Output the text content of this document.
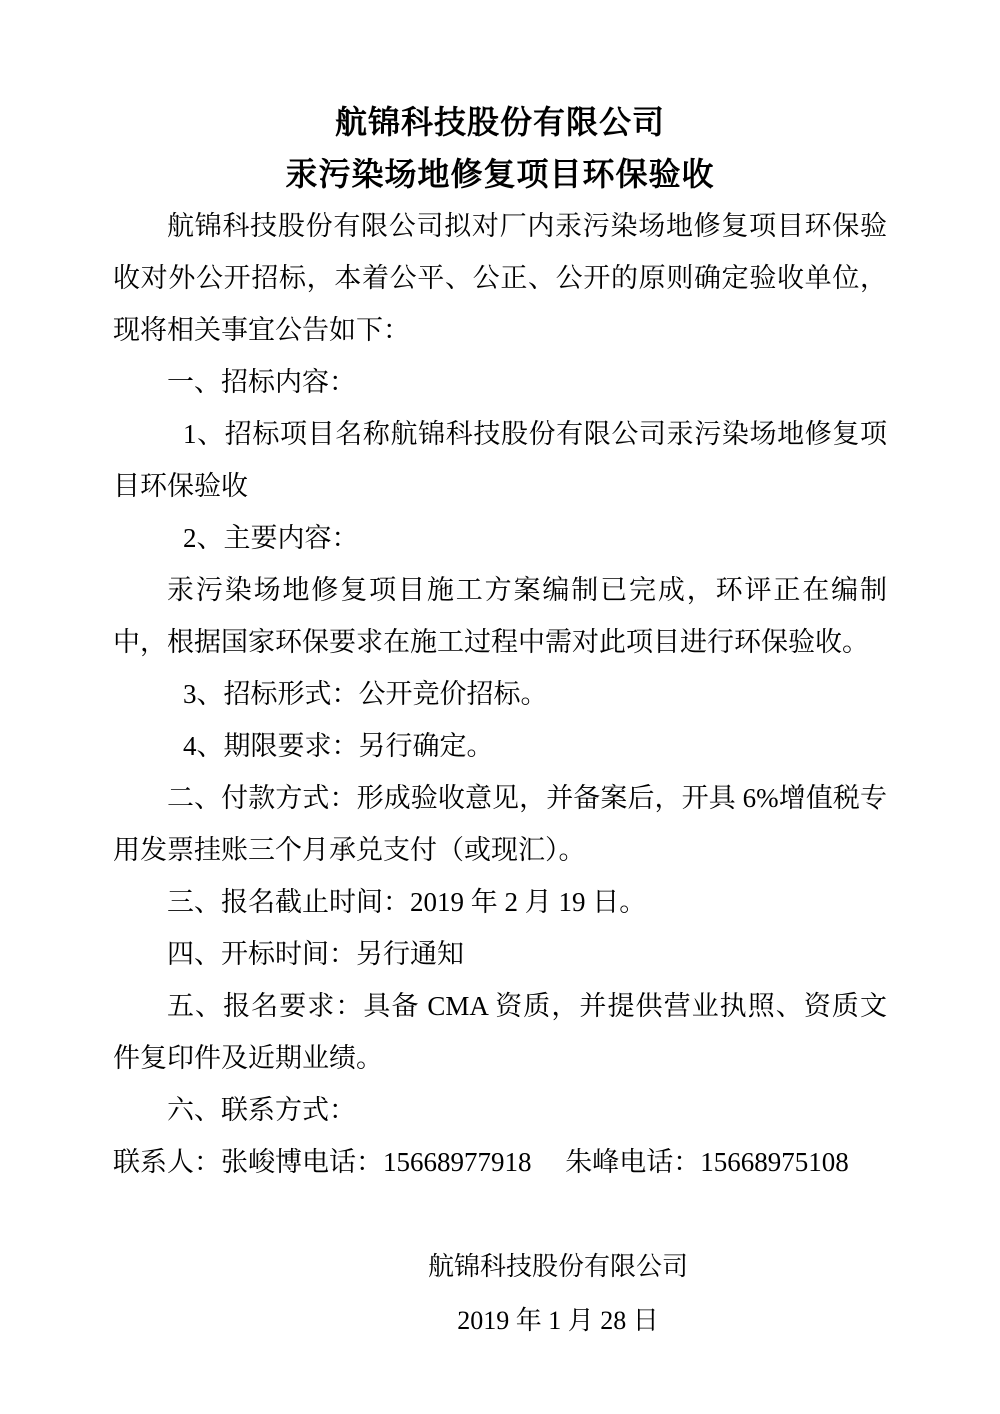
航锦科技股份有限公司
汞污染场地修复项目环保验收

航锦科技股份有限公司拟对厂内汞污染场地修复项目环保验收对外公开招标，本着公平、公正、公开的原则确定验收单位，现将相关事宜公告如下：

一、招标内容：

1、招标项目名称航锦科技股份有限公司汞污染场地修复项目环保验收

2、主要内容：

汞污染场地修复项目施工方案编制已完成，环评正在编制中，根据国家环保要求在施工过程中需对此项目进行环保验收。

3、招标形式：公开竞价招标。

4、期限要求：另行确定。

二、付款方式：形成验收意见，并备案后，开具 6%增值税专用发票挂账三个月承兑支付（或现汇）。

三、报名截止时间：2019 年 2 月 19 日。

四、开标时间：另行通知

五、报名要求：具备 CMA 资质，并提供营业执照、资质文件复印件及近期业绩。

六、联系方式：

联系人：张峻博电话：15668977918　 朱峰电话：15668975108

航锦科技股份有限公司

2019 年 1 月 28 日
